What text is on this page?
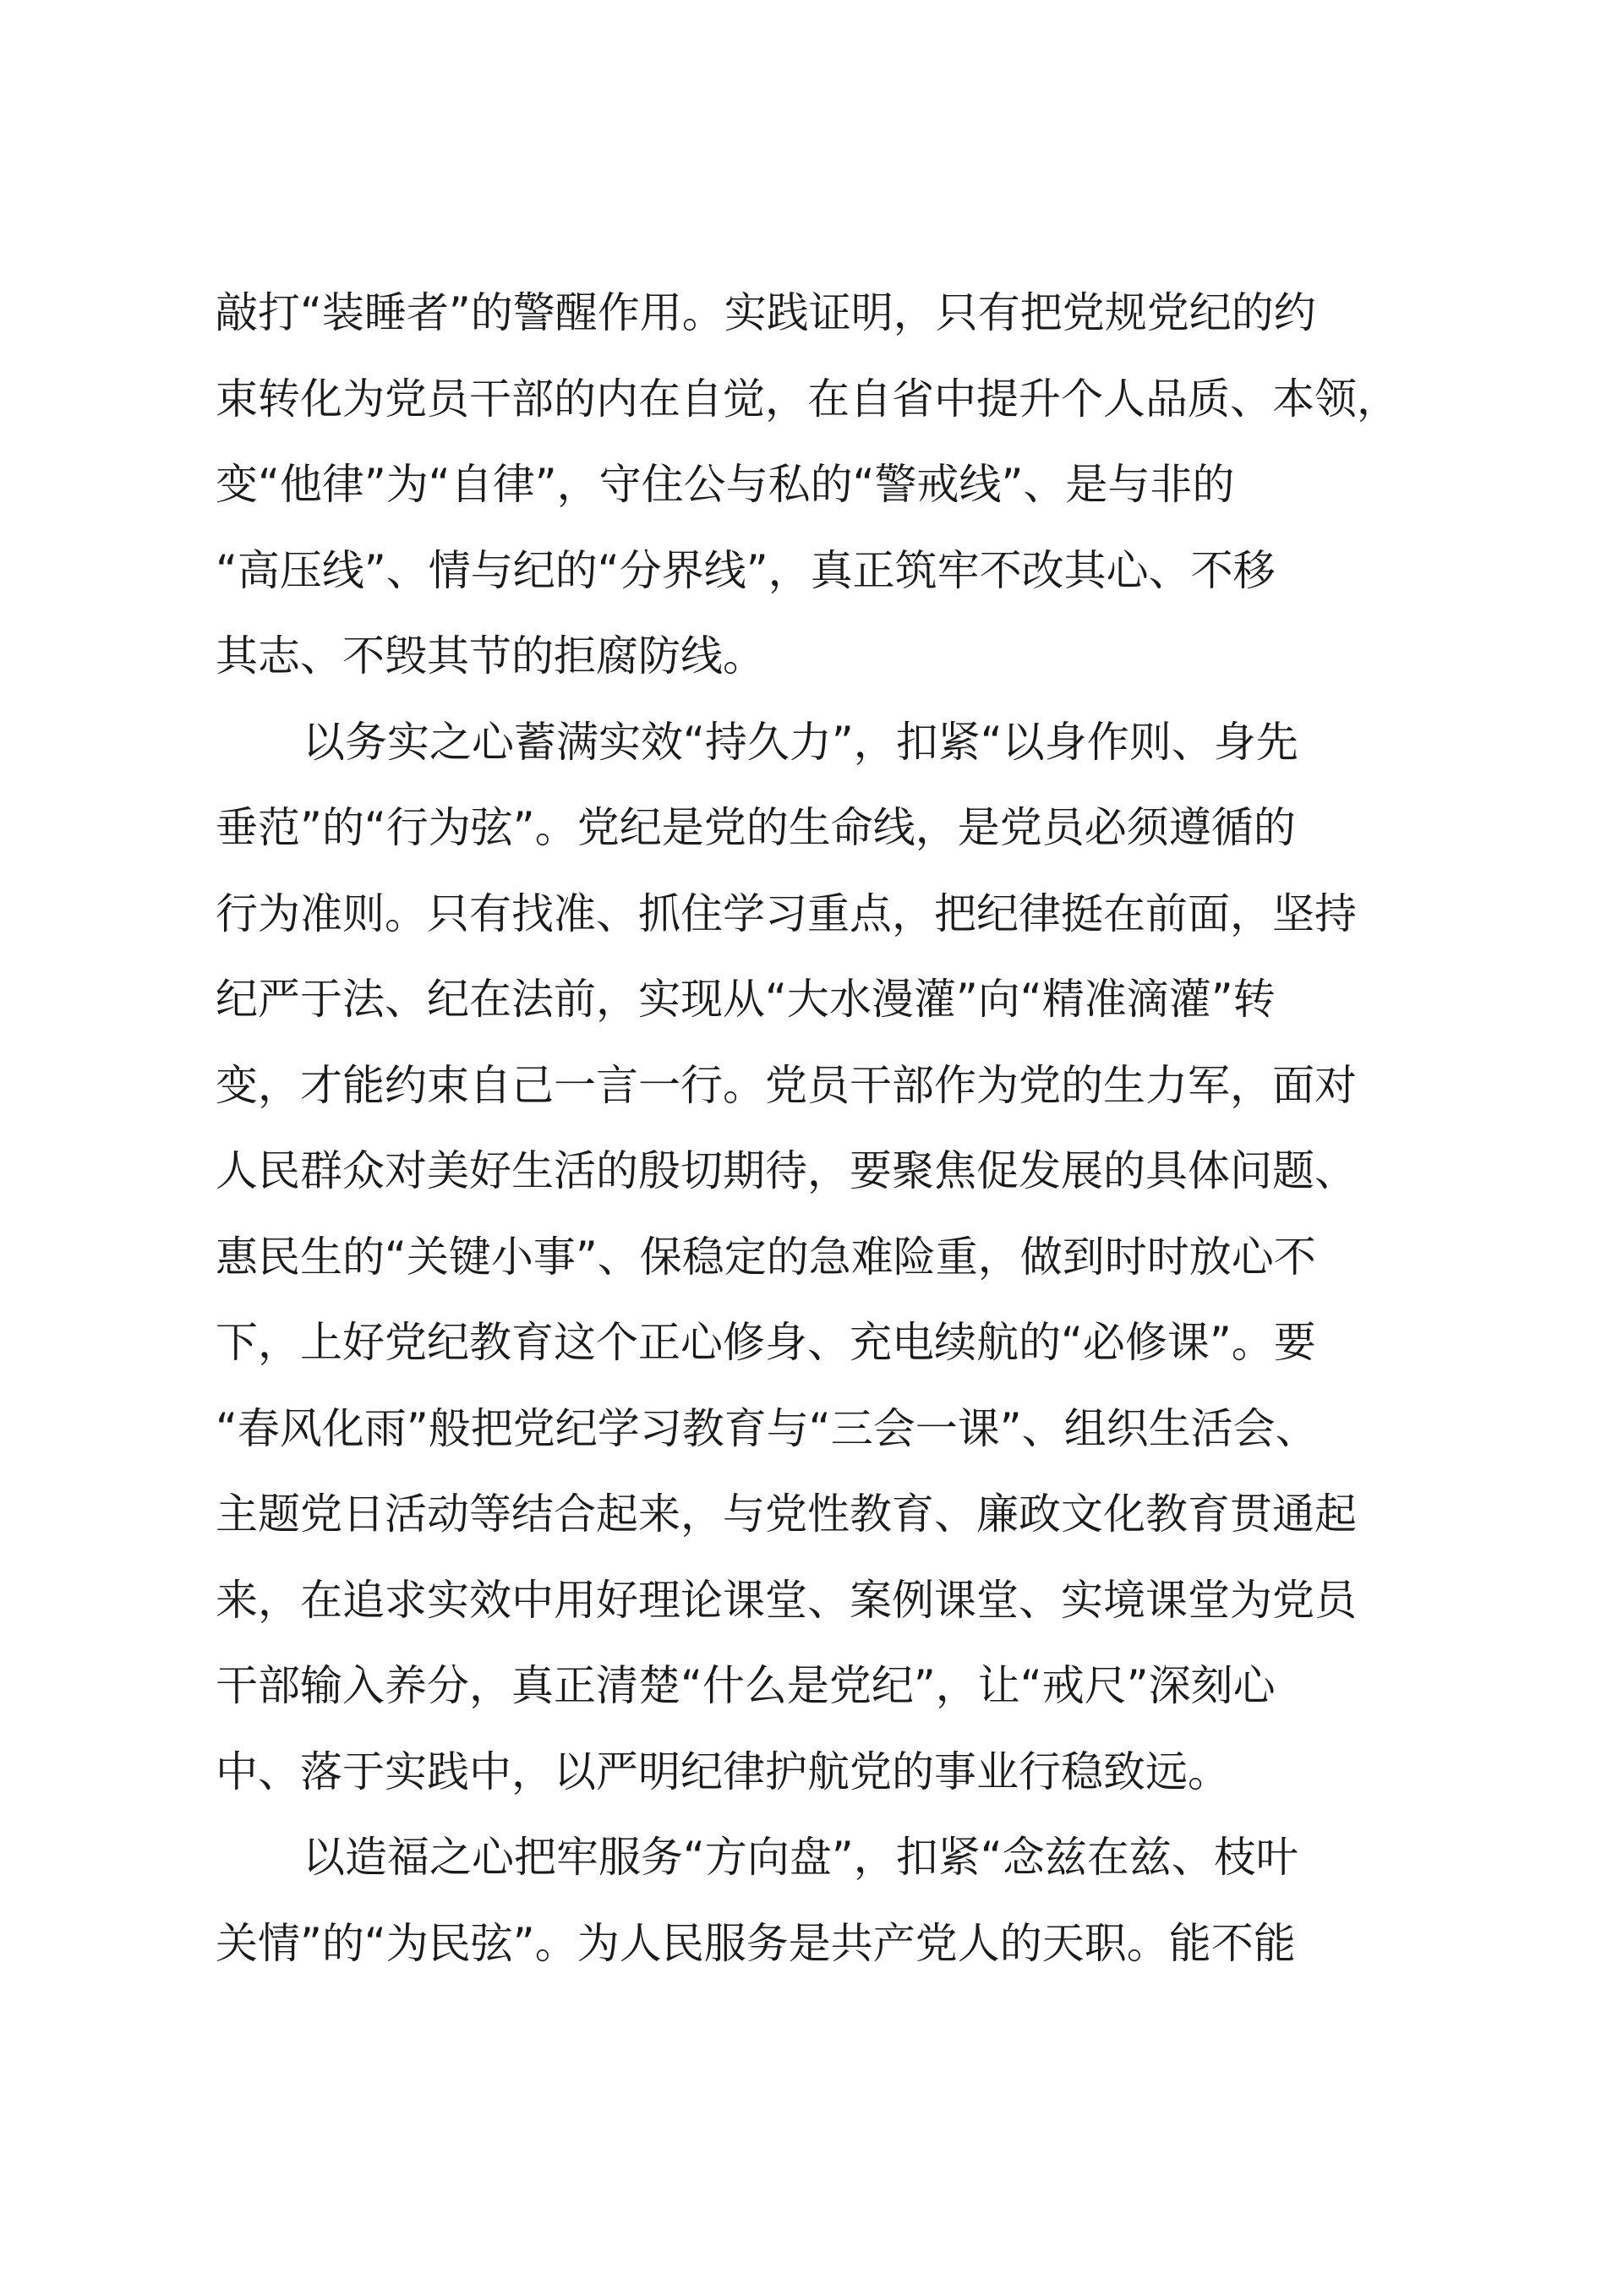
敲打“装睡者”的警醒作用。实践证明，只有把党规党纪的约
束转化为党员干部的内在自觉，在自省中提升个人品质、本领，
变“他律”为“自律”，守住公与私的“警戒线”、是与非的
“高压线”、情与纪的“分界线”，真正筑牢不改其心、不移
其志、不毁其节的拒腐防线。
以务实之心蓄满实效“持久力”，扣紧“以身作则、身先
垂范”的“行为弦”。党纪是党的生命线，是党员必须遵循的
行为准则。只有找准、抓住学习重点，把纪律挺在前面，坚持
纪严于法、纪在法前，实现从“大水漫灌”向“精准滴灌”转
变，才能约束自己一言一行。党员干部作为党的生力军，面对
人民群众对美好生活的殷切期待，要聚焦促发展的具体问题、
惠民生的“关键小事”、保稳定的急难险重，做到时时放心不
下，上好党纪教育这个正心修身、充电续航的“必修课”。要
“春风化雨”般把党纪学习教育与“三会一课”、组织生活会、
主题党日活动等结合起来，与党性教育、廉政文化教育贯通起
来，在追求实效中用好理论课堂、案例课堂、实境课堂为党员
干部输入养分，真正清楚“什么是党纪”，让“戒尺”深刻心
中、落于实践中，以严明纪律护航党的事业行稳致远。
以造福之心把牢服务“方向盘”，扣紧“念兹在兹、枝叶
关情”的“为民弦”。为人民服务是共产党人的天职。能不能
